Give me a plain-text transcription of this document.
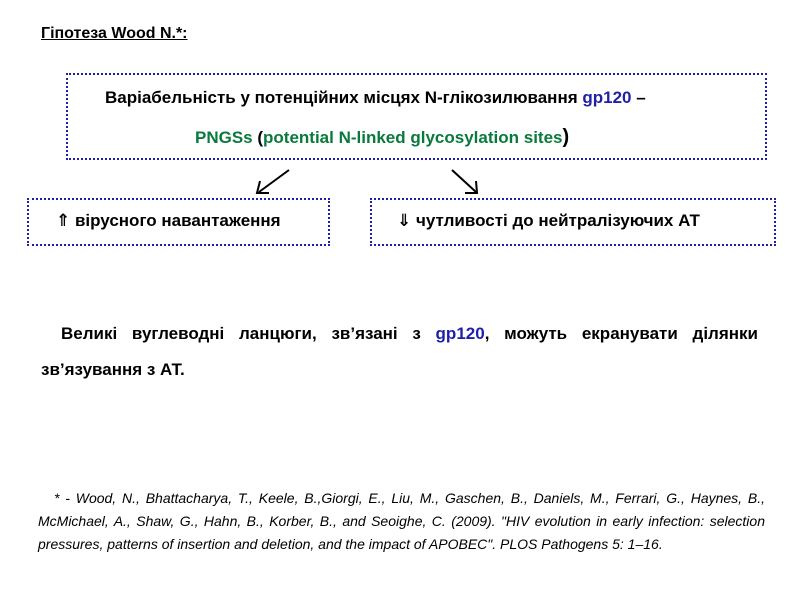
Гіпотеза Wood N.*:
Варіабельність у потенційних місцях N-глікозилювання gp120 –
PNGSs (potential N-linked glycosylation sites)
⇑ вірусного навантаження	⇓ чутливості до нейтралізуючих АТ
Великі вуглеводні ланцюги, зв’язані з gp120, можуть екранувати ділянки зв’язування з АТ.
* - Wood, N., Bhattacharya, T., Keele, B.,Giorgi, E., Liu, M., Gaschen, B., Daniels, M., Ferrari, G., Haynes, B., McMichael, A., Shaw, G., Hahn, B., Korber, B., and Seoighe, C. (2009). "HIV evolution in early infection: selection pressures, patterns of insertion and deletion, and the impact of APOBEC". PLOS Pathogens 5: 1–16.
